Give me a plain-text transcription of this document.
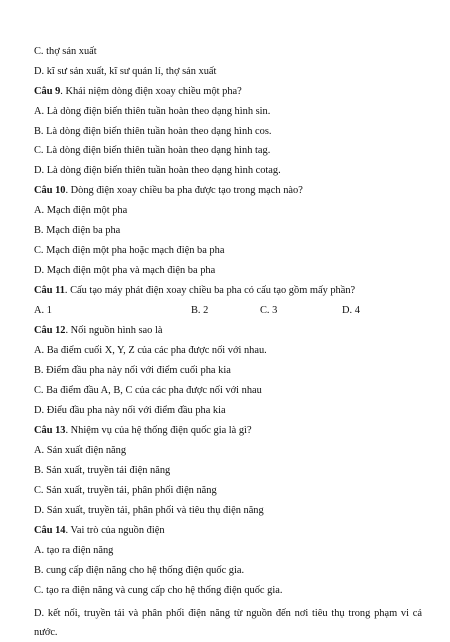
C. thợ sản xuất
D. kĩ sư sản xuất, kĩ sư quản lí, thợ sản xuất
Câu 9. Khái niệm dòng điện xoay chiều một pha?
A. Là dòng điện biến thiên tuần hoàn theo dạng hình sin.
B. Là dòng điện biến thiên tuần hoàn theo dạng hình cos.
C. Là dòng điện biến thiên tuần hoàn theo dạng hình tag.
D. Là dòng điện biến thiên tuần hoàn theo dạng hình cotag.
Câu 10. Dòng điện xoay chiều ba pha được tạo trong mạch nào?
A. Mạch điện một pha
B. Mạch điện ba pha
C. Mạch điện một pha hoặc mạch điện ba pha
D. Mạch điện một pha và mạch điện ba pha
Câu 11. Cấu tạo máy phát điện xoay chiều ba pha có cấu tạo gồm mấy phần?
A. 1	B. 2	C. 3	D. 4
Câu 12. Nối nguồn hình sao là
A. Ba điểm cuối X, Y, Z của các pha được nối với nhau.
B. Điểm đầu pha này nối với điểm cuối pha kia
C. Ba điểm đầu A, B, C của các pha được nối với nhau
D. Điểu đầu pha này nối với điểm đầu pha kia
Câu 13. Nhiệm vụ của hệ thống điện quốc gia là gì?
A. Sản xuất điện năng
B. Sản xuất, truyền tải điện năng
C. Sản xuất, truyền tải, phân phối điện năng
D. Sản xuất, truyền tải, phân phối và tiêu thụ điện năng
Câu 14. Vai trò của nguồn điện
A. tạo ra điện năng
B. cung cấp điện năng cho hệ thống điện quốc gia.
C. tạo ra điện năng và cung cấp cho hệ thống điện quốc gia.
D. kết nối, truyền tải và phân phối điện năng từ nguồn đến nơi tiêu thụ trong phạm vi cả nước.
